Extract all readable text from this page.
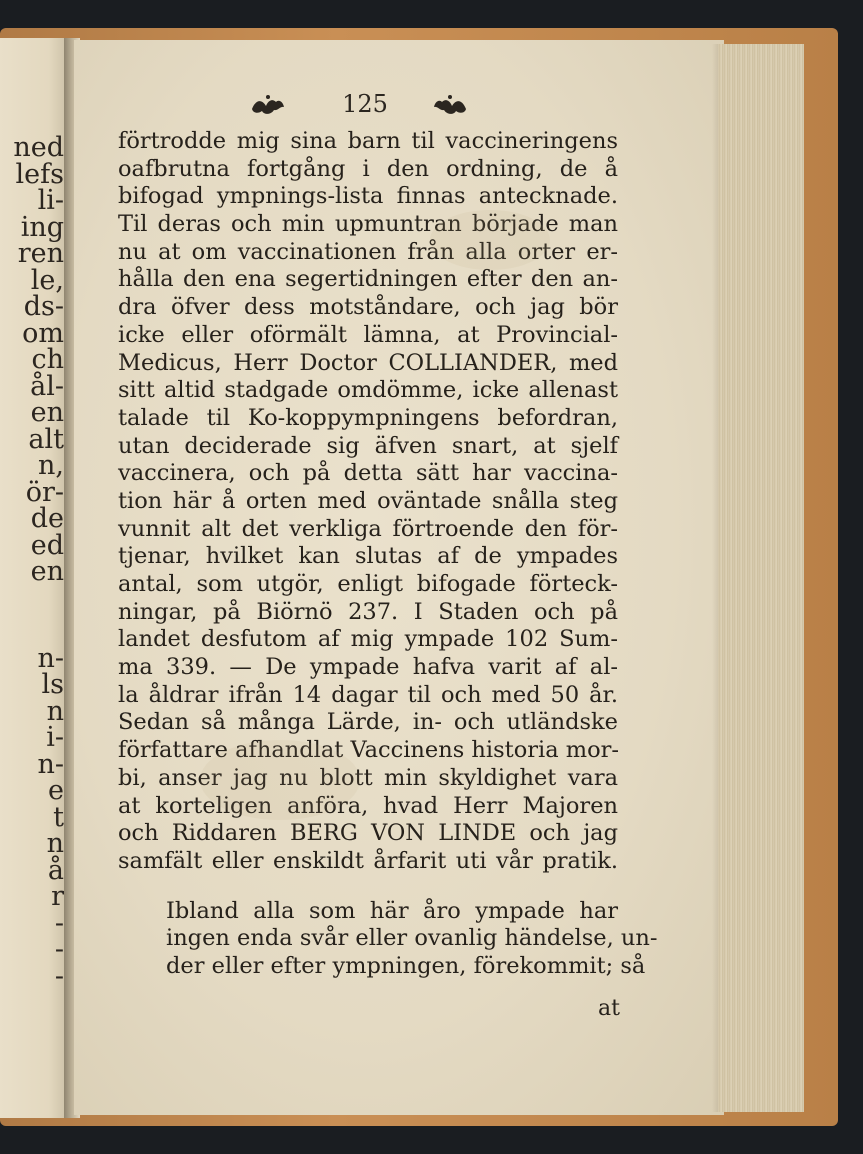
ned
lefs
li-
ing
ren
le,
ds-
om
ch
ål-
en
alt
n,
ör-
de
ed
en
n-
ls
n
i-
n-
e
t
n
å
r
-
-
-
125
förtrodde mig sina barn til vaccineringens
oafbrutna fortgång i den ordning, de å
bifogad ympnings-lista finnas antecknade.
Til deras och min upmuntran började man
nu at om vaccinationen från alla orter er-
hålla den ena segertidningen efter den an-
dra öfver dess motståndare, och jag bör
icke eller oförmält lämna, at Provincial-
Medicus, Herr Doctor COLLIANDER, med
sitt altid stadgade omdömme, icke allenast
talade til Ko-koppympningens befordran,
utan deciderade sig äfven snart, at sjelf
vaccinera, och på detta sätt har vaccina-
tion här å orten med oväntade snålla steg
vunnit alt det verkliga förtroende den för-
tjenar, hvilket kan slutas af de ympades
antal, som utgör, enligt bifogade förteck-
ningar, på Biörnö 237. I Staden och på
landet desfutom af mig ympade 102 Sum-
ma 339. — De ympade hafva varit af al-
la åldrar ifrån 14 dagar til och med 50 år.
Sedan så många Lärde, in- och utländske
författare afhandlat Vaccinens historia mor-
bi, anser jag nu blott min skyldighet vara
at korteligen anföra, hvad Herr Majoren
och Riddaren BERG VON LINDE och jag
samfält eller enskildt årfarit uti vår pratik.
Ibland alla som här åro ympade har
ingen enda svår eller ovanlig händelse, un-
der eller efter ympningen, förekommit; så
at
